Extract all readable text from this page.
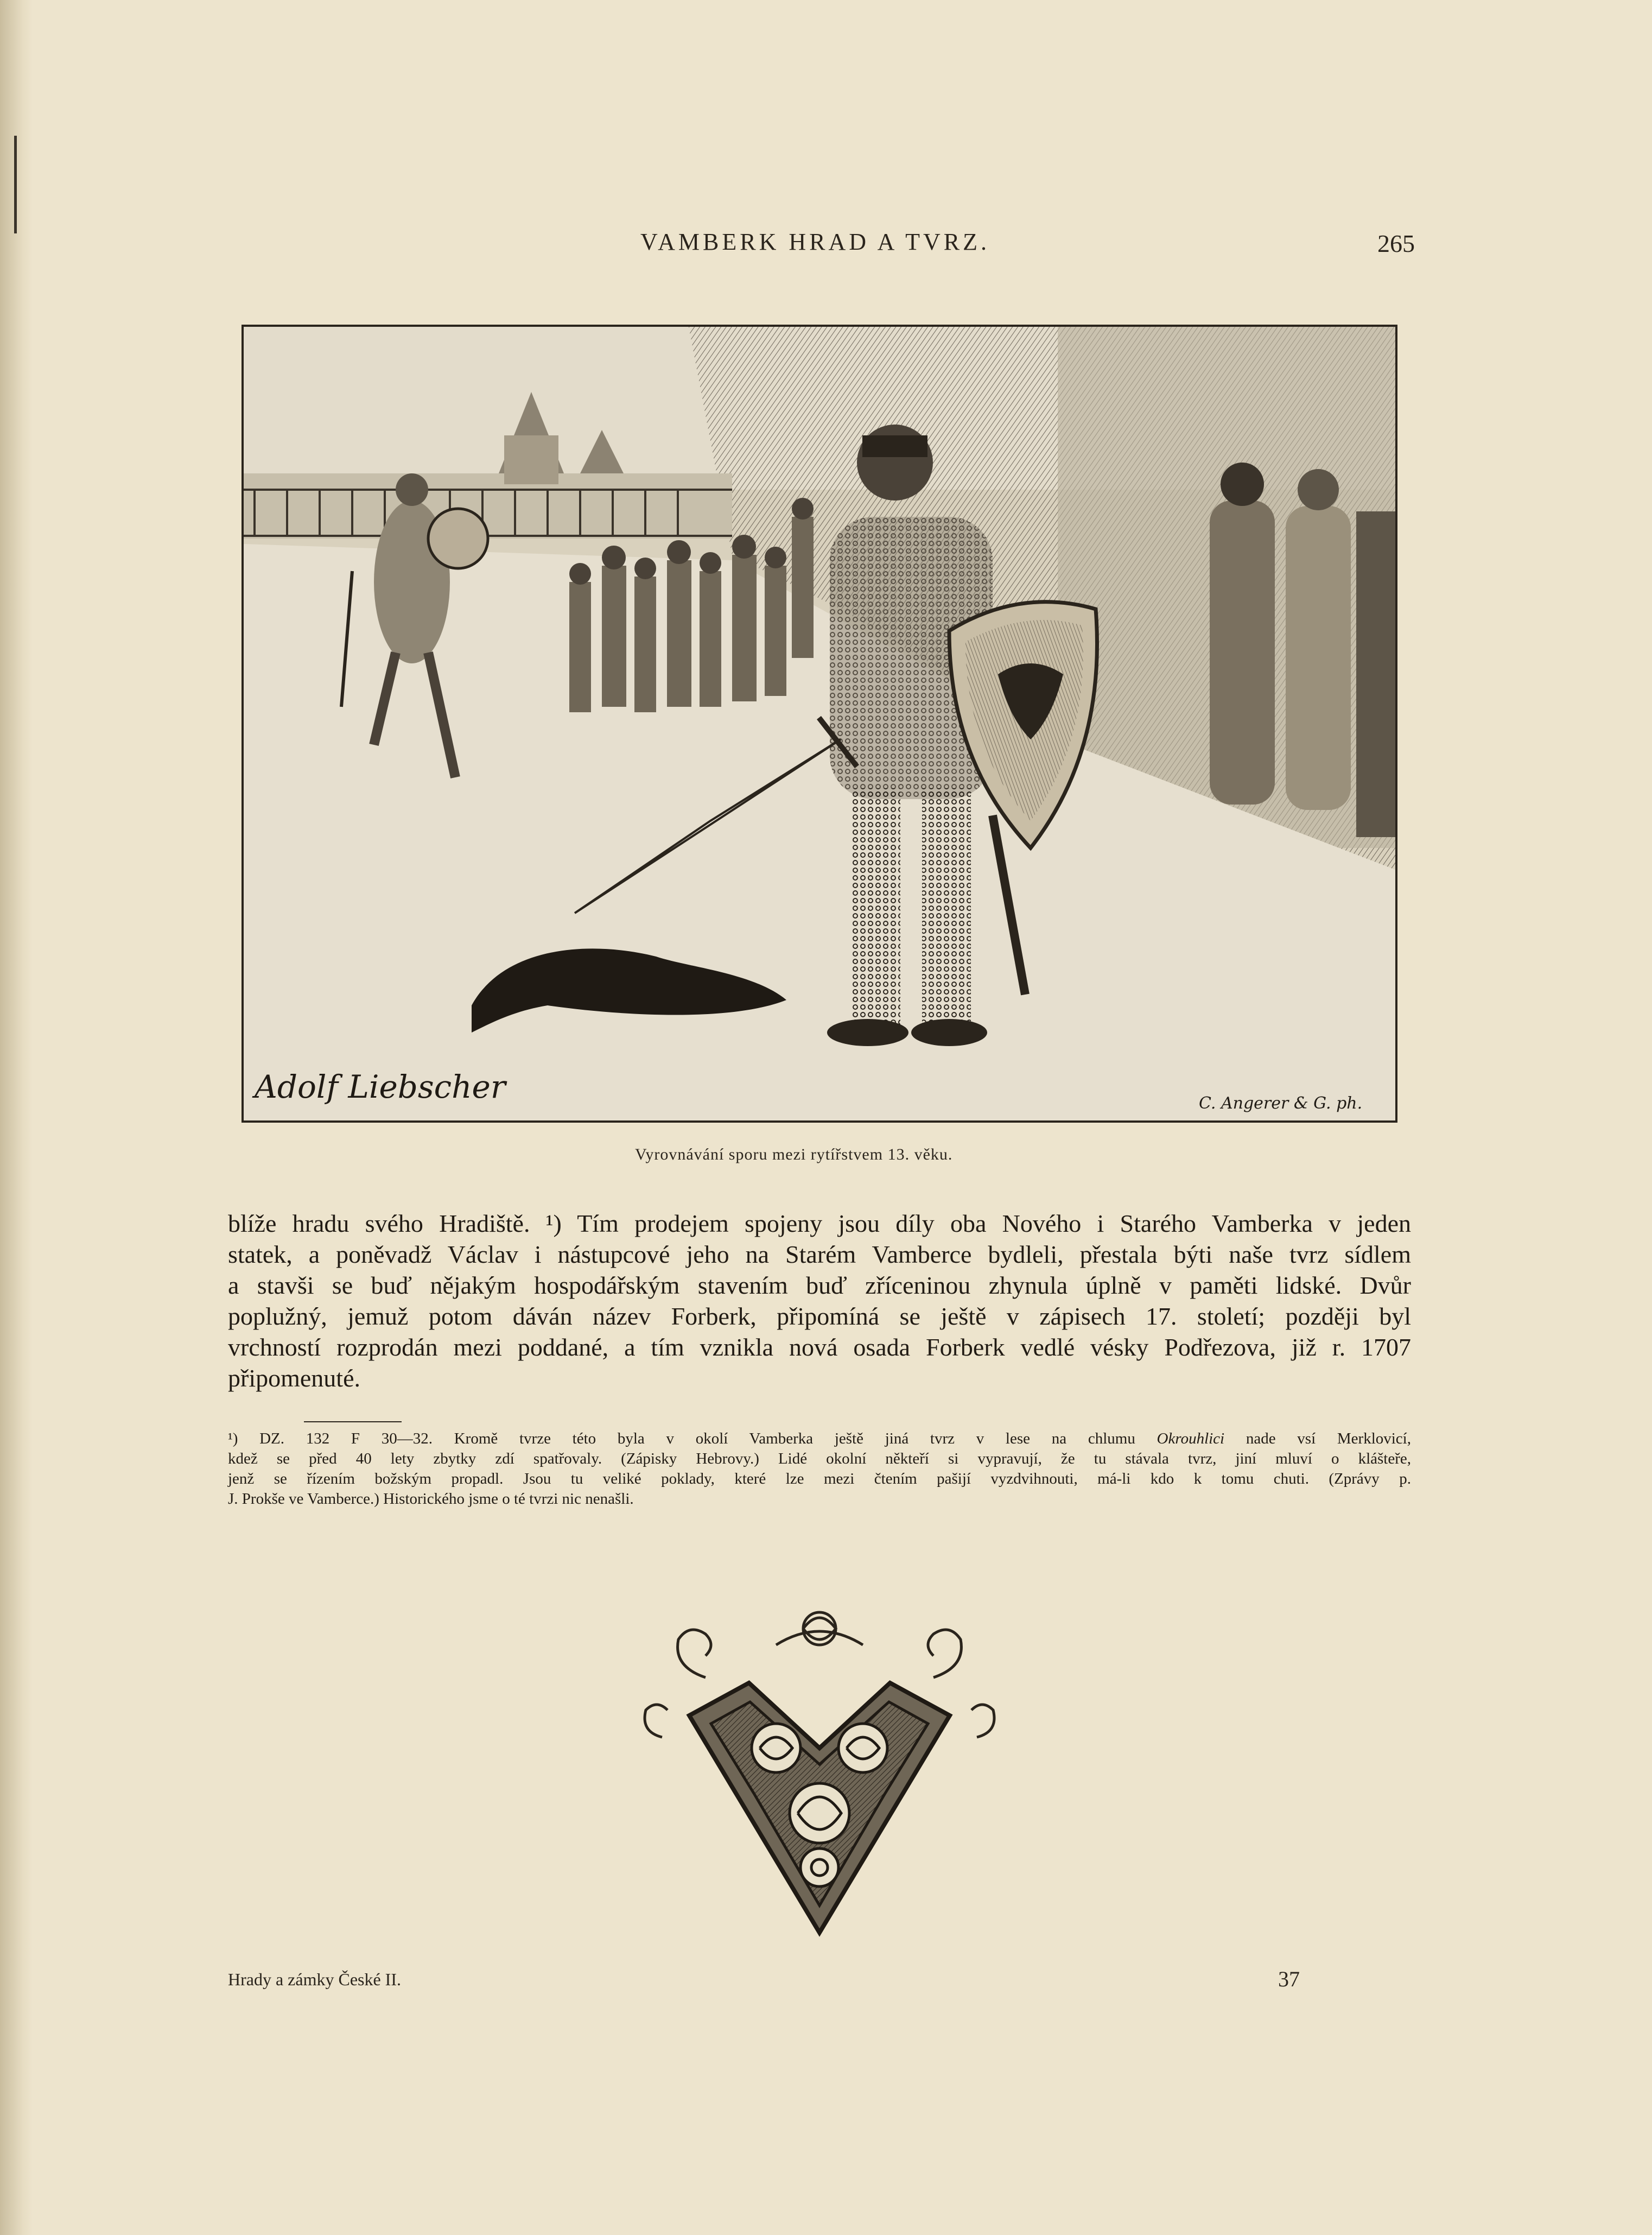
VAMBERK HRAD A TVRZ.	265
Adolf Liebscher	C. Angerer & G. ph.
Vyrovnávání sporu mezi rytířstvem 13. věku.
blíže hradu svého Hradiště. ¹) Tím prodejem spojeny jsou díly oba Nového i Starého Vamberka v jeden
statek, a poněvadž Václav i nástupcové jeho na Starém Vamberce bydleli, přestala býti naše tvrz sídlem
a stavši se buď nějakým hospodářským stavením buď zříceninou zhynula úplně v paměti lidské. Dvůr
poplužný, jemuž potom dáván název Forberk, připomíná se ještě v zápisech 17. století; později byl
vrchností rozprodán mezi poddané, a tím vznikla nová osada Forberk vedlé vésky Podřezova, již r. 1707
připomenuté.
¹) DZ. 132 F 30—32. Kromě tvrze této byla v okolí Vamberka ještě jiná tvrz v lese na chlumu Okrouhlici nade vsí Merklovicí,
kdež se před 40 lety zbytky zdí spatřovaly. (Zápisky Hebrovy.) Lidé okolní někteří si vypravují, že tu stávala tvrz, jiní mluví o klášteře,
jenž se řízením božským propadl. Jsou tu veliké poklady, které lze mezi čtením pašijí vyzdvihnouti, má-li kdo k tomu chuti. (Zprávy p.
J. Prokše ve Vamberce.) Historického jsme o té tvrzi nic nenašli.
Hrady a zámky České II.	37
